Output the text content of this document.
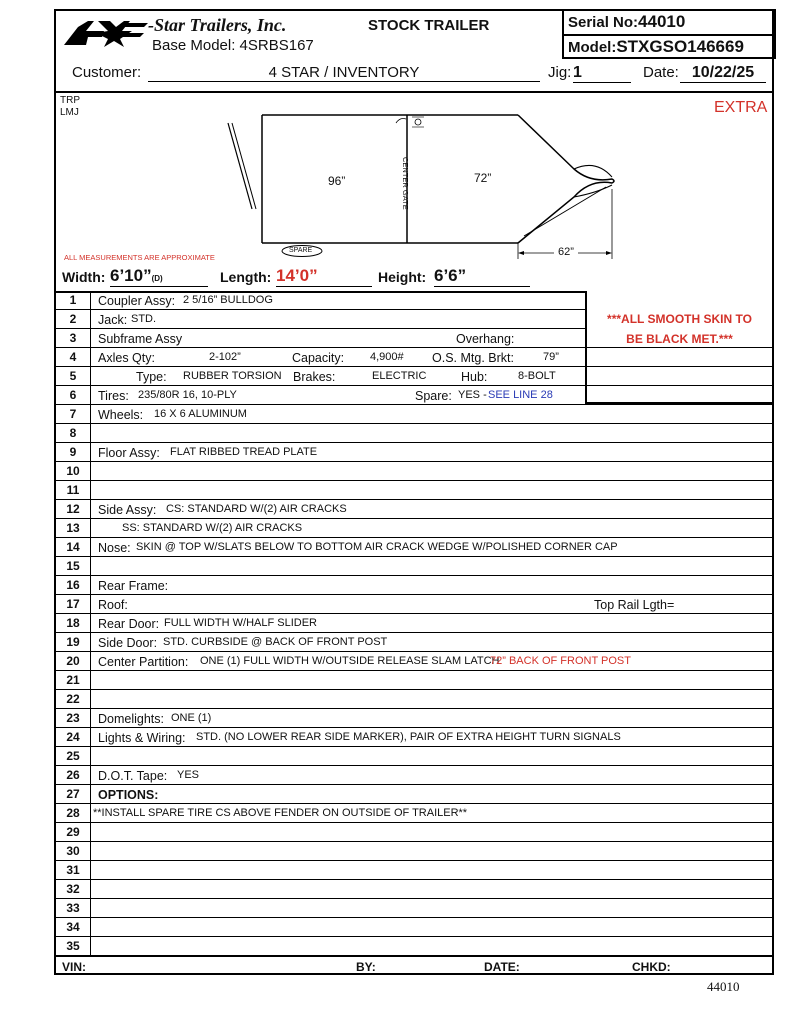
-Star Trailers, Inc.
Base Model: 4SRBS167
STOCK TRAILER	Serial No:44010
Model:STXGSO146669
Customer:	4 STAR / INVENTORY	Jig: 1	Date: 10/22/25
TRP
LMJ	EXTRA
96”	72”
CENTER GATE
62”
SPARE
ALL MEASUREMENTS ARE APPROXIMATE
Width: 6’10”(D)	Length: 14’0”	Height: 6’6”
1	Coupler Assy: 2 5/16” BULLDOG
2	Jack: STD.
3	Subframe Assy	Overhang:
4	Axles Qty:	2-102”	Capacity: 4,900# O.S. Mtg. Brkt:	79”
5	Type: RUBBER TORSION Brakes:	ELECTRIC	Hub:	8-BOLT
6	Tires: 235/80R 16, 10-PLY	Spare: YES - SEE LINE 28
7	Wheels: 16 X 6 ALUMINUM
8
9	Floor Assy: FLAT RIBBED TREAD PLATE
10
11
12	Side Assy: CS: STANDARD W/(2) AIR CRACKS
13	SS: STANDARD W/(2) AIR CRACKS
14	Nose: SKIN @ TOP W/SLATS BELOW TO BOTTOM AIR CRACK WEDGE W/POLISHED CORNER CAP
15
16	Rear Frame:
17	Roof:	Top Rail Lgth=
18	Rear Door: FULL WIDTH W/HALF SLIDER
19	Side Door: STD. CURBSIDE @ BACK OF FRONT POST
20	Center Partition: ONE (1) FULL WIDTH W/OUTSIDE RELEASE SLAM LATCH
72” BACK OF FRONT POST
21
22
23	Domelights: ONE (1)
24	Lights & Wiring: STD. (NO LOWER REAR SIDE MARKER), PAIR OF EXTRA HEIGHT TURN SIGNALS
25
26	D.O.T. Tape: YES
27	OPTIONS:
28	**INSTALL SPARE TIRE CS ABOVE FENDER ON OUTSIDE OF TRAILER**
29
30
31
32
33
34
35
***ALL SMOOTH SKIN TO
BE BLACK MET.***
VIN:	BY:	DATE:	CHKD:
44010
